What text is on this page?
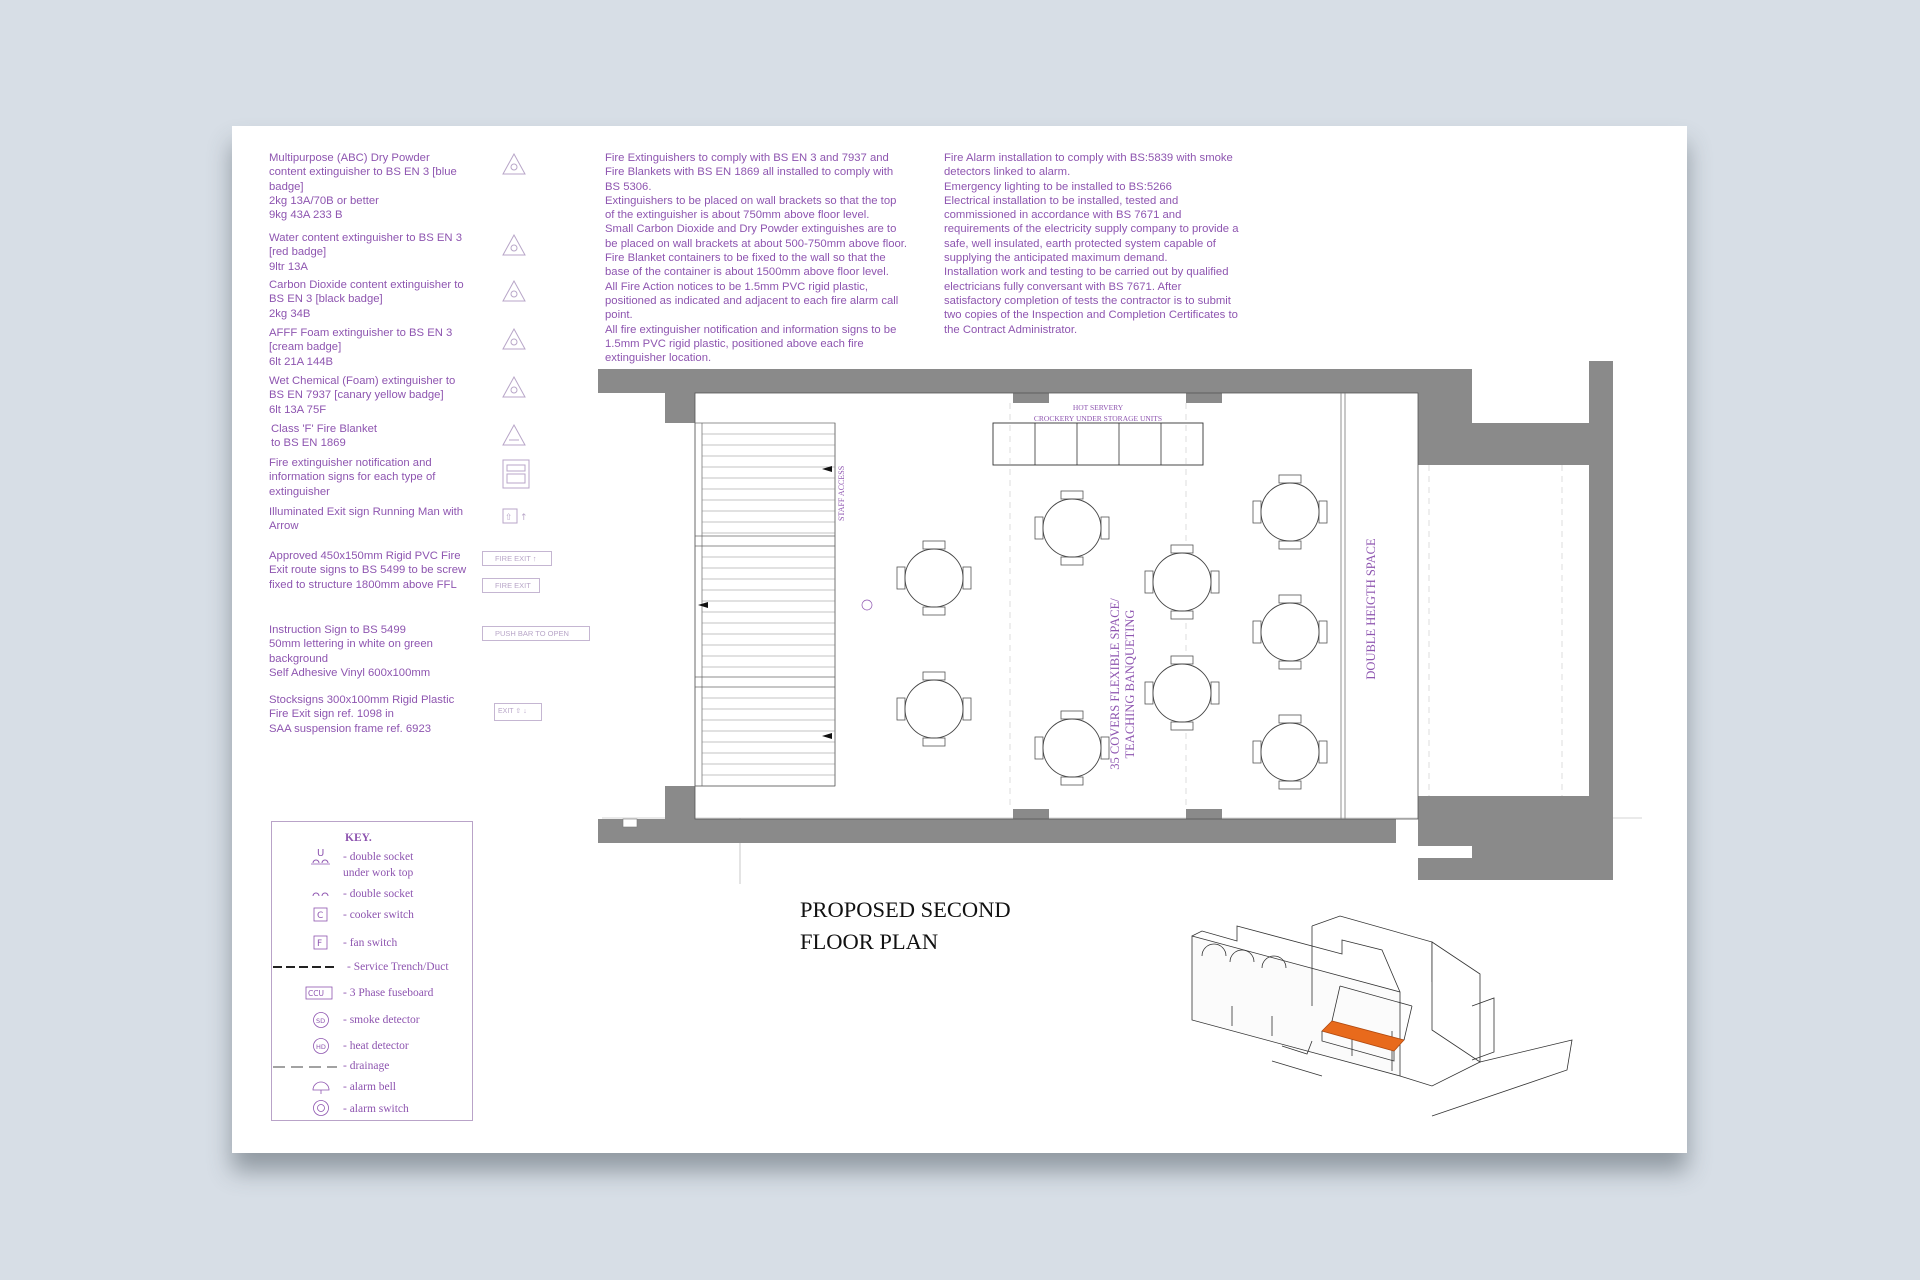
Multipurpose (ABC) Dry Powder
content extinguisher to BS EN 3 [blue
badge]
2kg 13A/70B or better
9kg 43A 233 B
Water content extinguisher to BS EN 3
[red badge]
9ltr 13A
Carbon Dioxide content extinguisher to
BS EN 3 [black badge]
2kg 34B
AFFF Foam extinguisher to BS EN 3
[cream badge]
6lt 21A 144B
Wet Chemical (Foam) extinguisher to
BS EN 7937 [canary yellow badge]
6lt 13A 75F
Class 'F' Fire Blanket
to BS EN 1869
Fire extinguisher notification and
information signs for each type of
extinguisher
Illuminated Exit sign Running Man with
Arrow
Approved 450x150mm Rigid PVC Fire
Exit route signs to BS 5499 to be screw
fixed to structure 1800mm above FFL
Instruction Sign to BS 5499
50mm lettering in white on green
background
Self Adhesive Vinyl 600x100mm
Stocksigns 300x100mm Rigid Plastic
Fire Exit sign ref. 1098 in
SAA suspension frame ref. 6923
⇧ ↑
FIRE EXIT ↑
FIRE EXIT
PUSH BAR TO OPEN
EXIT ⇧ ↓
Fire Extinguishers to comply with BS EN 3 and 7937 and
Fire Blankets with BS EN 1869 all installed to comply with
BS 5306.
Extinguishers to be placed on wall brackets so that the top
of the extinguisher is about 750mm above floor level.
Small Carbon Dioxide and Dry Powder extinguishes are to
be placed on wall brackets at about 500-750mm above floor.
Fire Blanket containers to be fixed to the wall so that the
base of the container is about 1500mm above floor level.
All Fire Action notices to be 1.5mm PVC rigid plastic,
positioned as indicated and adjacent to each fire alarm call
point.
All fire extinguisher notification and information signs to be
1.5mm PVC rigid plastic, positioned above each fire
extinguisher location.
Fire Alarm installation to comply with BS:5839 with smoke
detectors linked to alarm.
Emergency lighting to be installed to BS:5266
Electrical installation to be installed, tested and
commissioned in accordance with BS 7671 and
requirements of the electricity supply company to provide a
safe, well insulated, earth protected system capable of
supplying the anticipated maximum demand.
Installation work and testing to be carried out by qualified
electricians fully conversant with BS 7671. After
satisfactory completion of tests the contractor is to submit
two copies of the Inspection and Completion Certificates to
the Contract Administrator.
KEY.
- double socket
under work top
U
- double socket
- cooker switch
C
- fan switch
F
- Service Trench/Duct
- 3 Phase fuseboard
CCU
- smoke detector
SD
- heat detector
HD
- drainage
- alarm bell
- alarm switch
STAFF ACCESS
HOT SERVERY
CROCKERY UNDER STORAGE UNITS
35 COVERS FLEXIBLE SPACE/ TEACHING BANQUETING
DOUBLE HEIGTH SPACE
PROPOSED SECOND
FLOOR PLAN
